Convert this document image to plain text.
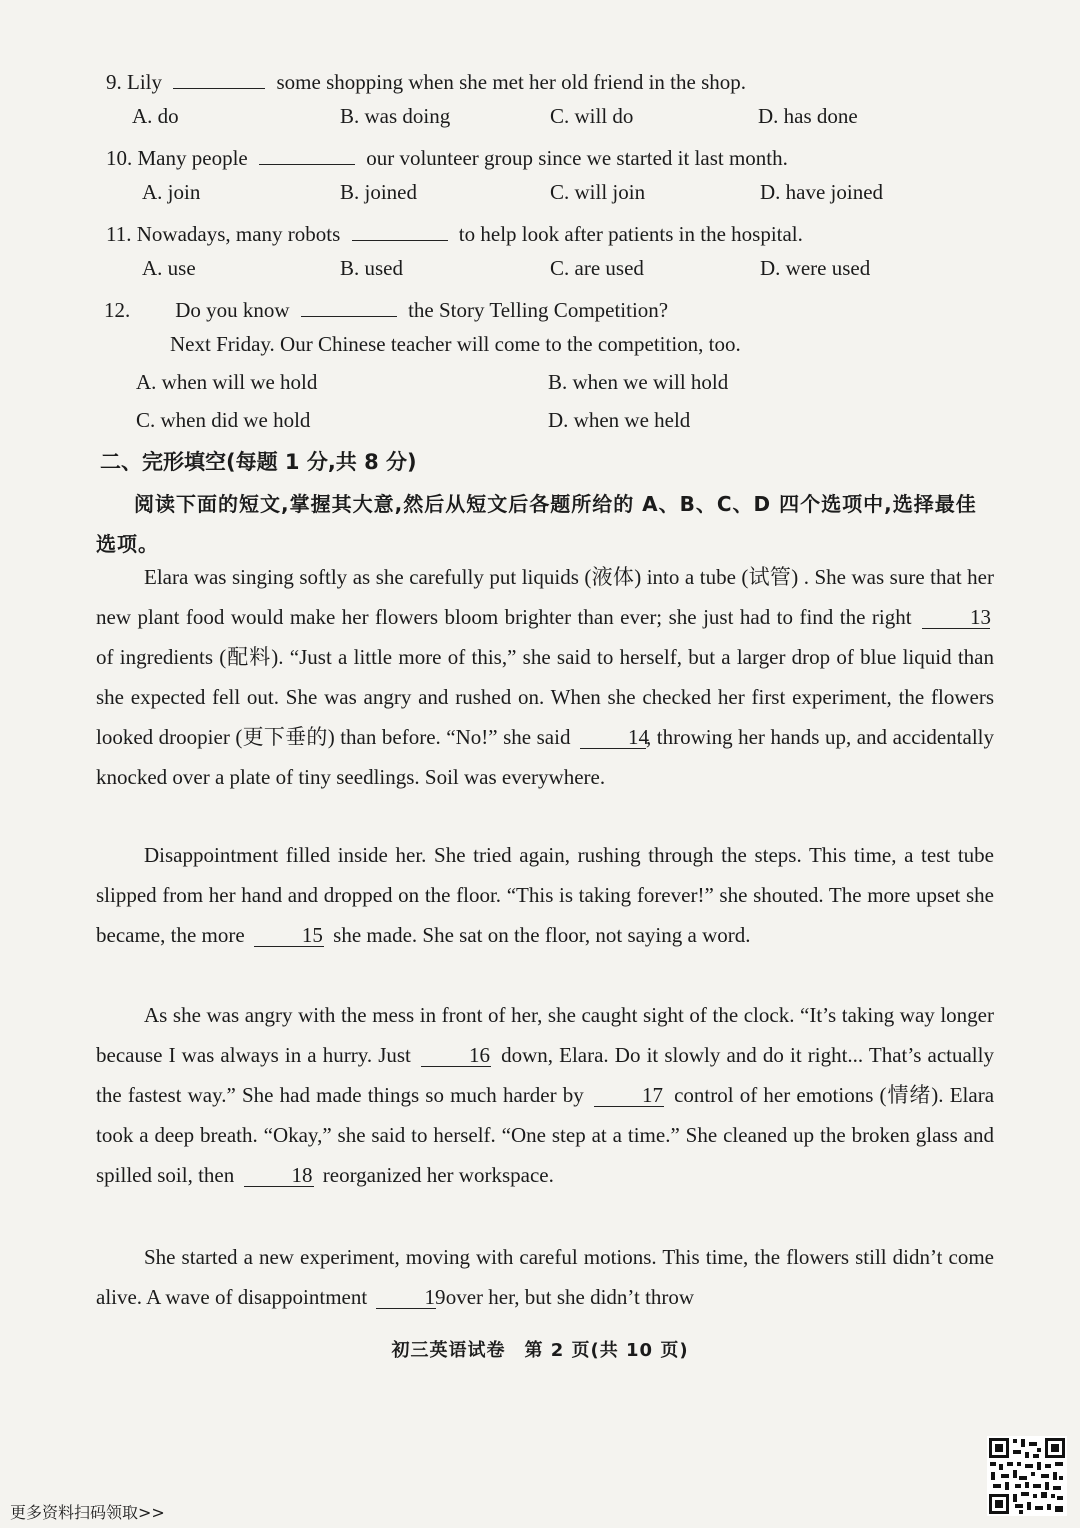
9. Lily	some shopping when she met her old friend in the shop.
A. do	B. was doing	C. will do	D. has done
10. Many people	our volunteer group since we started it last month.
A. join	B. joined	C. will join	D. have joined
11. Nowadays, many robots	to help look after patients in the hospital.
A. use	B. used	C. are used	D. were used
12. Do you know	the Story Telling Competition?
Next Friday. Our Chinese teacher will come to the competition, too.
A. when will we hold	B. when we will hold
C. when did we hold	D. when we held
二、完形填空(每题 1 分,共 8 分)
阅读下面的短文,掌握其大意,然后从短文后各题所给的 A、B、C、D 四个选项中,选择最佳选项。
Elara was singing softly as she carefully put liquids (液体) into a tube (试管) . She was sure that her new plant food would make her flowers bloom brighter than ever; she just had to find the right	13 of ingredients (配料). “Just a little more of this,” she said to herself, but a larger drop of blue liquid than she expected fell out. She was angry and rushed on. When she checked her first experiment, the flowers looked droopier (更下垂的) than before. “No!” she said	14, throwing her hands up, and accidentally knocked over a plate of tiny seedlings. Soil was everywhere.
Disappointment filled inside her. She tried again, rushing through the steps. This time, a test tube slipped from her hand and dropped on the floor. “This is taking forever!” she shouted. The more upset she became, the more	15 she made. She sat on the floor, not saying a word.
As she was angry with the mess in front of her, she caught sight of the clock. “It’s taking way longer because I was always in a hurry. Just	16 down, Elara. Do it slowly and do it right... That’s actually the fastest way.” She had made things so much harder by	17 control of her emotions (情绪). Elara took a deep breath. “Okay,” she said to herself. “One step at a time.” She cleaned up the broken glass and spilled soil, then	18 reorganized her workspace.
She started a new experiment, moving with careful motions. This time, the flowers still didn’t come alive. A wave of disappointment	19 over her, but she didn’t throw
初三英语试卷　第 2 页(共 10 页)
更多资料扫码领取>>
